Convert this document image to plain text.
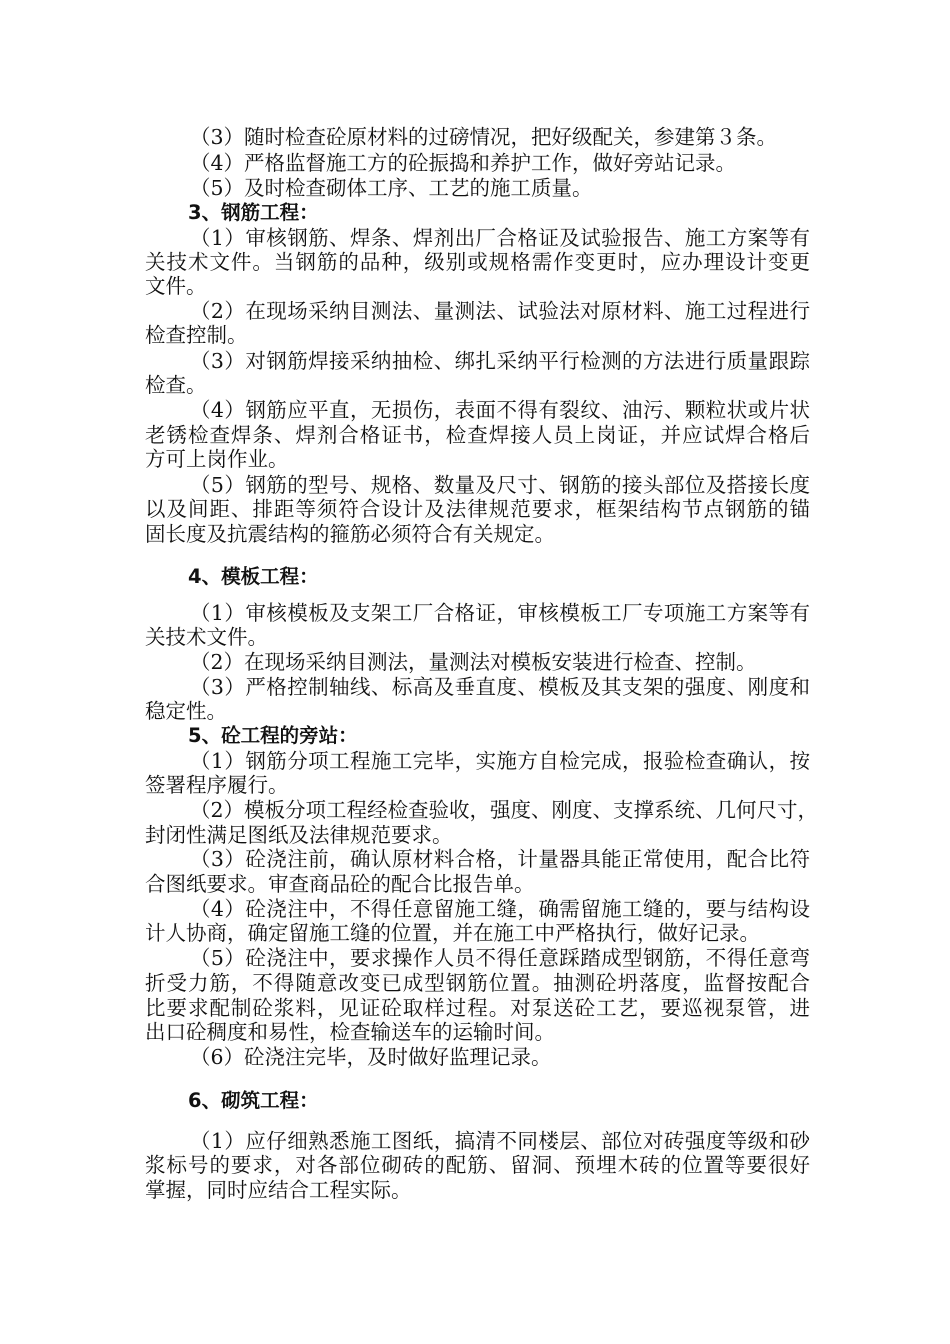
（3）随时检查砼原材料的过磅情况，把好级配关，参建第３条。
（4）严格监督施工方的砼振捣和养护工作，做好旁站记录。
（5）及时检查砌体工序、工艺的施工质量。
3、钢筋工程：
（1）审核钢筋、焊条、焊剂出厂合格证及试验报告、施工方案等有
关技术文件。当钢筋的品种，级别或规格需作变更时，应办理设计变更
文件。
（2）在现场采纳目测法、量测法、试验法对原材料、施工过程进行
检查控制。
（3）对钢筋焊接采纳抽检、绑扎采纳平行检测的方法进行质量跟踪
检查。
（4）钢筋应平直，无损伤，表面不得有裂纹、油污、颗粒状或片状
老锈检查焊条、焊剂合格证书，检查焊接人员上岗证，并应试焊合格后
方可上岗作业。
（5）钢筋的型号、规格、数量及尺寸、钢筋的接头部位及搭接长度
以及间距、排距等须符合设计及法律规范要求，框架结构节点钢筋的锚
固长度及抗震结构的箍筋必须符合有关规定。
4、模板工程：
（1）审核模板及支架工厂合格证，审核模板工厂专项施工方案等有
关技术文件。
（2）在现场采纳目测法，量测法对模板安装进行检查、控制。
（3）严格控制轴线、标高及垂直度、模板及其支架的强度、刚度和
稳定性。
5、砼工程的旁站：
（1）钢筋分项工程施工完毕，实施方自检完成，报验检查确认，按
签署程序履行。
（2）模板分项工程经检查验收，强度、刚度、支撑系统、几何尺寸，
封闭性满足图纸及法律规范要求。
（3）砼浇注前，确认原材料合格，计量器具能正常使用，配合比符
合图纸要求。审查商品砼的配合比报告单。
（4）砼浇注中，不得任意留施工缝，确需留施工缝的，要与结构设
计人协商，确定留施工缝的位置，并在施工中严格执行，做好记录。
（5）砼浇注中，要求操作人员不得任意踩踏成型钢筋，不得任意弯
折受力筋，不得随意改变已成型钢筋位置。抽测砼坍落度，监督按配合
比要求配制砼浆料，见证砼取样过程。对泵送砼工艺，要巡视泵管，进
出口砼稠度和易性，检查输送车的运输时间。
（6）砼浇注完毕，及时做好监理记录。
6、砌筑工程：
（1）应仔细熟悉施工图纸，搞清不同楼层、部位对砖强度等级和砂
浆标号的要求，对各部位砌砖的配筋、留洞、预埋木砖的位置等要很好
掌握，同时应结合工程实际。
